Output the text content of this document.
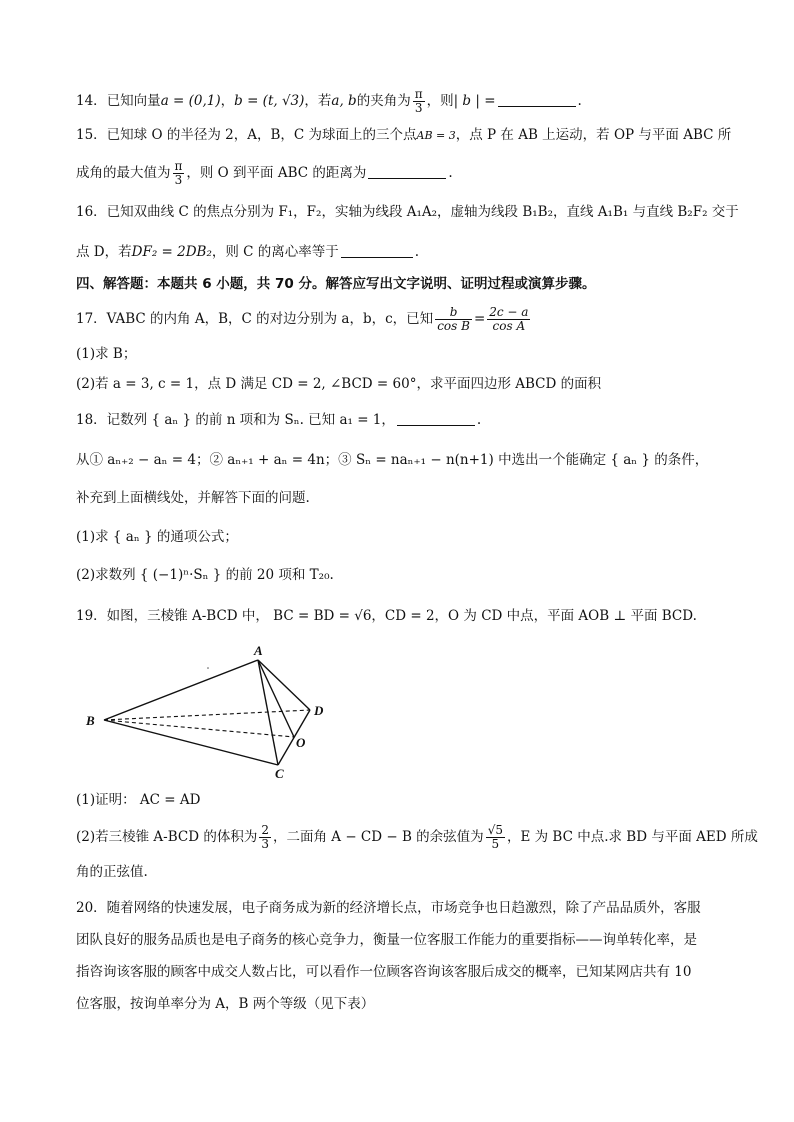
14．已知向量a = (0,1)，b = (t, √3)，若a, b的夹角为 $\frac{\pi}{3}$ ，则| b | =	.
15．已知球 O 的半径为 2，A，B，C 为球面上的三个点AB = 3，点 P 在 AB 上运动，若 OP 与平面 ABC 所
成角的最大值为 $\frac{\pi}{3}$ ，则 O 到平面 ABC 的距离为	.
16．已知双曲线 C 的焦点分别为 F₁，F₂，实轴为线段 A₁A₂，虚轴为线段 B₁B₂，直线 A₁B₁ 与直线 B₂F₂ 交于
点 D，若DF₂ = 2DB₂，则 C 的离心率等于	.
四、解答题：本题共 6 小题，共 70 分。解答应写出文字说明、证明过程或演算步骤。
17．VABC 的内角 A，B，C 的对边分别为 a，b，c，已知 $\frac{b}{\text{cos B}} = \frac{2c - a}{\text{cos A}}$
(1)求 B；
(2)若 a = 3, c = 1，点 D 满足 CD = 2, ∠BCD = 60°，求平面四边形 ABCD 的面积
18．记数列 { aₙ } 的前 n 项和为 Sₙ. 已知 a₁ = 1，	.
从① aₙ₊₂ − aₙ = 4；② aₙ₊₁ + aₙ = 4n；③ Sₙ = naₙ₊₁ − n(n+1) 中选出一个能确定 { aₙ } 的条件，
补充到上面横线处，并解答下面的问题.
(1)求 { aₙ } 的通项公式；
(2)求数列 { (−1)ⁿ·Sₙ } 的前 20 项和 T₂₀.
19．如图，三棱锥 A-BCD 中， BC = BD = √6，CD = 2，O 为 CD 中点，平面 AOB ⊥ 平面 BCD.
A
B
C
D
O
(1)证明： AC = AD
(2)若三棱锥 A-BCD 的体积为 $\frac{2}{3}$ ，二面角 A − CD − B 的余弦值为 $\frac{√5}{5}$ ，E 为 BC 中点.求 BD 与平面 AED 所成
角的正弦值.
20．随着网络的快速发展，电子商务成为新的经济增长点，市场竞争也日趋激烈，除了产品品质外，客服
团队良好的服务品质也是电子商务的核心竞争力，衡量一位客服工作能力的重要指标——询单转化率，是
指咨询该客服的顾客中成交人数占比，可以看作一位顾客咨询该客服后成交的概率，已知某网店共有 10
位客服，按询单率分为 A，B 两个等级（见下表）
